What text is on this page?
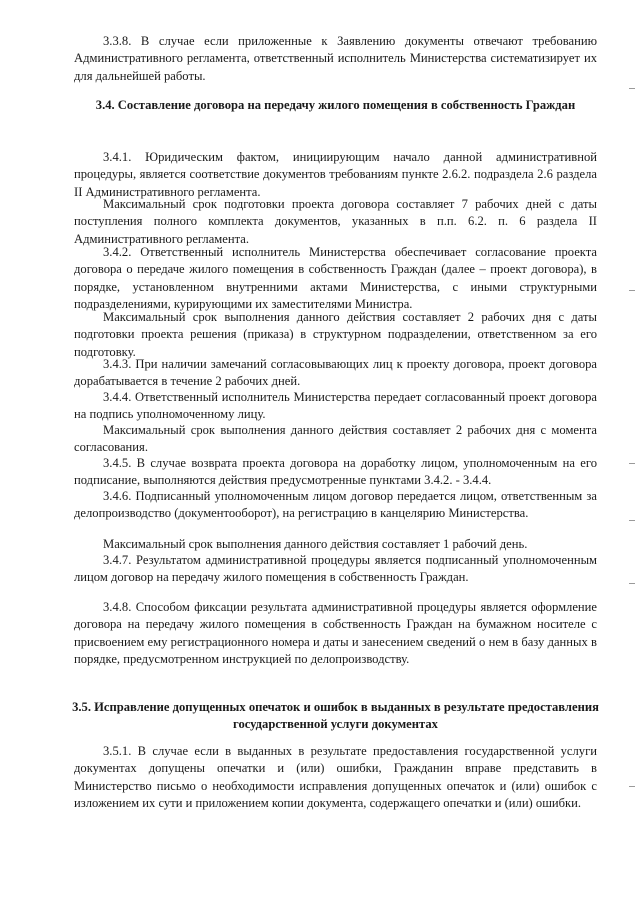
3.3.8. В случае если приложенные к Заявлению документы отвечают требованию Административного регламента, ответственный исполнитель Министерства систематизирует их для дальнейшей работы.

3.4. Составление договора на передачу жилого помещения в собственность Граждан

3.4.1. Юридическим фактом, инициирующим начало данной административной процедуры, является соответствие документов требованиям пункте 2.6.2. подраздела 2.6 раздела II Административного регламента.

Максимальный срок подготовки проекта договора составляет 7 рабочих дней с даты поступления полного комплекта документов, указанных в п.п. 6.2. п. 6 раздела II Административного регламента.

3.4.2. Ответственный исполнитель Министерства обеспечивает согласование проекта договора о передаче жилого помещения в собственность Граждан (далее – проект договора), в порядке, установленном внутренними актами Министерства, с иными структурными подразделениями, курирующими их заместителями Министра.

Максимальный срок выполнения данного действия составляет 2 рабочих дня с даты подготовки проекта решения (приказа) в структурном подразделении, ответственном за его подготовку.

3.4.3. При наличии замечаний согласовывающих лиц к проекту договора, проект договора дорабатывается в течение 2 рабочих дней.

3.4.4. Ответственный исполнитель Министерства передает согласованный проект договора на подпись уполномоченному лицу.

Максимальный срок выполнения данного действия составляет 2 рабочих дня с момента согласования.

3.4.5. В случае возврата проекта договора на доработку лицом, уполномоченным на его подписание, выполняются действия предусмотренные пунктами 3.4.2. - 3.4.4.

3.4.6. Подписанный уполномоченным лицом договор передается лицом, ответственным за делопроизводство (документооборот), на регистрацию в канцелярию Министерства.

Максимальный срок выполнения данного действия составляет 1 рабочий день.

3.4.7. Результатом административной процедуры является подписанный уполномоченным лицом договор на передачу жилого помещения в собственность Граждан.

3.4.8. Способом фиксации результата административной процедуры является оформление договора на передачу жилого помещения в собственность Граждан на бумажном носителе с присвоением ему регистрационного номера и даты и занесением сведений о нем в базу данных в порядке, предусмотренном инструкцией по делопроизводству.

3.5. Исправление допущенных опечаток и ошибок в выданных в результате предоставления государственной услуги документах

3.5.1. В случае если в выданных в результате предоставления государственной услуги документах допущены опечатки и (или) ошибки, Гражданин вправе представить в Министерство письмо о необходимости исправления допущенных опечаток и (или) ошибок с изложением их сути и приложением копии документа, содержащего опечатки и (или) ошибки.
